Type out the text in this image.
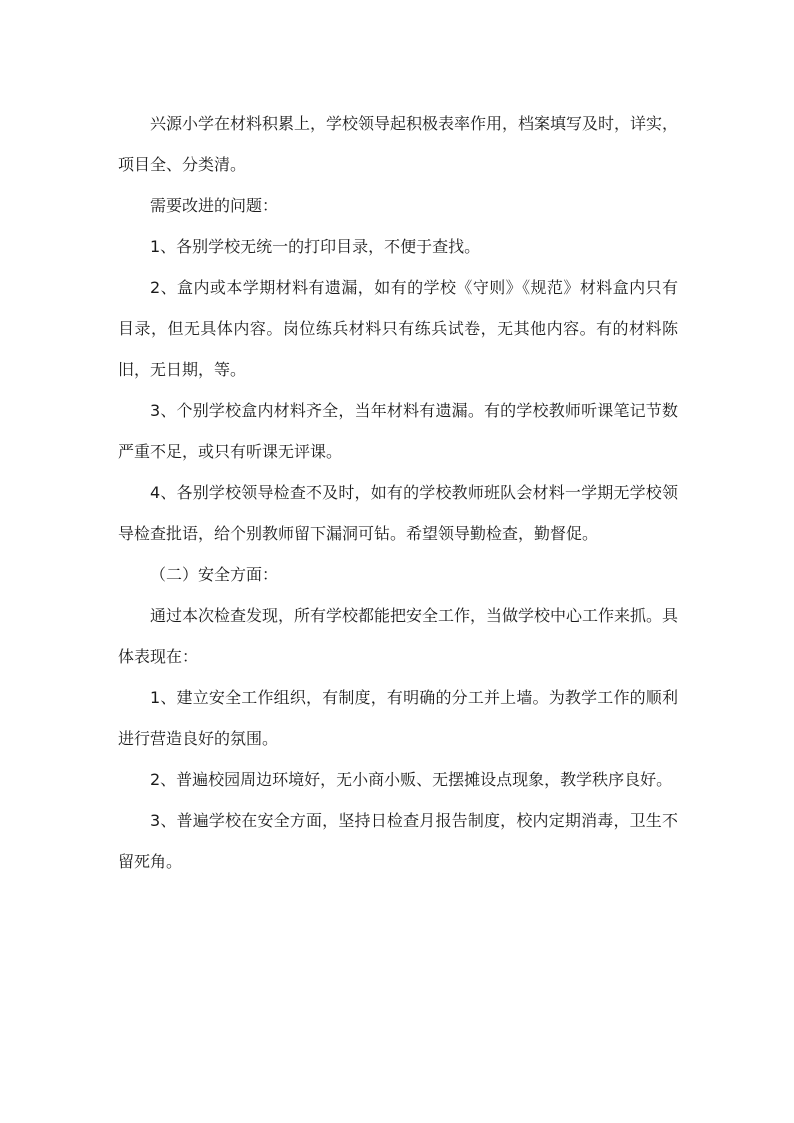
兴源小学在材料积累上，学校领导起积极表率作用，档案填写及时，详实，项目全、分类清。

需要改进的问题：

1、各别学校无统一的打印目录，不便于查找。

2、盒内或本学期材料有遗漏，如有的学校《守则》《规范》材料盒内只有目录，但无具体内容。岗位练兵材料只有练兵试卷，无其他内容。有的材料陈旧，无日期，等。

3、个别学校盒内材料齐全，当年材料有遗漏。有的学校教师听课笔记节数严重不足，或只有听课无评课。

4、各别学校领导检查不及时，如有的学校教师班队会材料一学期无学校领导检查批语，给个别教师留下漏洞可钻。希望领导勤检查，勤督促。

（二）安全方面：

通过本次检查发现，所有学校都能把安全工作，当做学校中心工作来抓。具体表现在：

1、建立安全工作组织，有制度，有明确的分工并上墙。为教学工作的顺利进行营造良好的氛围。

2、普遍校园周边环境好，无小商小贩、无摆摊设点现象，教学秩序良好。

3、普遍学校在安全方面，坚持日检查月报告制度，校内定期消毒，卫生不留死角。
